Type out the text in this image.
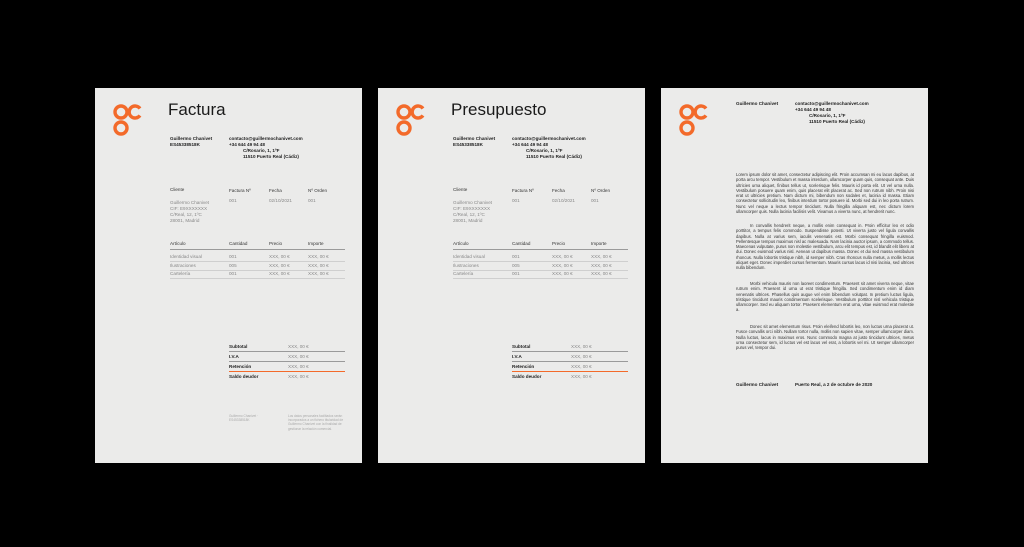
Factura
Guillermo Chanivet
ES45338518K
contacto@guillermochanivet.com
+34 644 49 94 48
C/Rosario, 1, 1ºF
11510 Puerto Real (Cádiz)
Cliente
Guillermo Chanivet
CIF: E9XXXXXXX
C/Real, 12, 1ºC
28001, Madrid
Factura Nº	Fecha	Nº Orden
001	02/10/2021	001
Artículo	Cantidad	Precio	Importe
Identidad visual	001	XXX, 00 €	XXX, 00 €
Ilustraciones	005	XXX, 00 €	XXX, 00 €
Cartelería	001	XXX, 00 €	XXX, 00 €
Subtotal	XXX, 00 €
I.V.A	XXX, 00 €
Retención	XXX, 00 €
Saldo deudor	XXX, 00 €
Guillermo Chanivet · ES45338518K
Los datos personales facilitados serán incorporados a un fichero titularidad de Guillermo Chanivet con la finalidad de gestionar la relación comercial.
Presupuesto
Guillermo Chanivet
ES45338518K
contacto@guillermochanivet.com
+34 644 49 94 48
C/Rosario, 1, 1ºF
11510 Puerto Real (Cádiz)
Cliente
Guillermo Chanivet
CIF: E9XXXXXXX
C/Real, 12, 1ºC
28001, Madrid
Factura Nº	Fecha	Nº Orden
001	02/10/2021	001
Artículo	Cantidad	Precio	Importe
Identidad visual	001	XXX, 00 €	XXX, 00 €
Ilustraciones	005	XXX, 00 €	XXX, 00 €
Cartelería	001	XXX, 00 €	XXX, 00 €
Subtotal	XXX, 00 €
I.V.A	XXX, 00 €
Retención	XXX, 00 €
Saldo deudor	XXX, 00 €
Guillermo Chanivet	contacto@guillermochanivet.com
+34 644 49 94 48
C/Rosario, 1, 1ºF
11510 Puerto Real (Cádiz)
Lorem ipsum dolor sit amet, consectetur adipiscing elit. Proin accumsan mi eu lacus dapibus, at porta arcu tempor. Vestibulum et massa interdum, ullamcorper quam quis, consequat ante. Duis ultricies urna aliquet, finibus tellus ut, scelerisque felis. Mauris id porta elit. Ut vel urna nulla. Vestibulum posuere quam enim, quis placerat elit placerat ac. Sed non rutrum nibh. Proin nisi erat ut ultricies pretium. Nam dictum mi, bibendum non sodales et, lacinia id massa. Etiam consectetur sollicitudin leo, finibus interdum tortor posuere id. Morbi sed dui in leo porta rutrum. Nunc vel neque a lectus tempor tincidunt. Nulla fringilla aliquam est, nec dictum lorem ullamcorper quis. Nulla lacinia facilisis velit. Vivamus a viverra nunc, at hendrerit nunc.
In convallis hendrerit neque, a mollis enim consequat in. Proin efficitur leo et odio porttitor, a tempus felis commodo. Suspendisse potenti. Ut viverra justo vel ligula convallis dapibus. Nulla at varius sem, iaculis venenatis est. Morbi consequat fringilla euismod. Pellentesque tempus maximus nisl ac malesuada. Nam lacinia auctor ipsum, a commodo tellus. Maecenas vulputate, purus non molestie vestibulum, arcu elit tempus est, id blandit elit libero at dui. Donec euismod varius nisl. Aenean ut dapibus massa. Donec et dui sed massa vestibulum rhoncus. Nulla lobortis tristique nibh, id semper nibh. Cras rhoncus nulla metus, a mollis lectus aliquet eget. Donec imperdiet cursus fermentum. Mauris cursus lacus id nisi lacinia, sed ultrices nulla bibendum.
Morbi vehicula mauris non laoreet condimentum. Praesent sit amet viverra neque, vitae rutrum enim. Praesent id urna ut erat tristique fringilla. Sed condimentum enim id diam venenatis ultrices. Phasellus quis augue vel enim bibendum volutpat. In pretium luctus ligula, tristique tincidunt mauris condimentum scelerisque. Vestibulum porttitor nisl vehicula tristique ullamcorper. Sed eu aliquam tortor. Praesent elementum erat urna, vitae euismod erat molestie a.
Donec sit amet elementum risus. Proin eleifend lobortis leo, non luctus urna placerat ut. Fusce convallis orci nibh. Nullam tortor nulla, mollis non sapien vitae, semper ullamcorper diam. Nulla luctus, lacus in maximus eros. Nunc commodo magna at justo tincidunt ultrices, metus urna consectetur sem, id luctus vel est lacus vel erat, a lobortis vel mi. Ut semper ullamcorper purus vel, tempor dui.
Guillermo Chanivet	Puerto Real, a 2 de octubre de 2020
